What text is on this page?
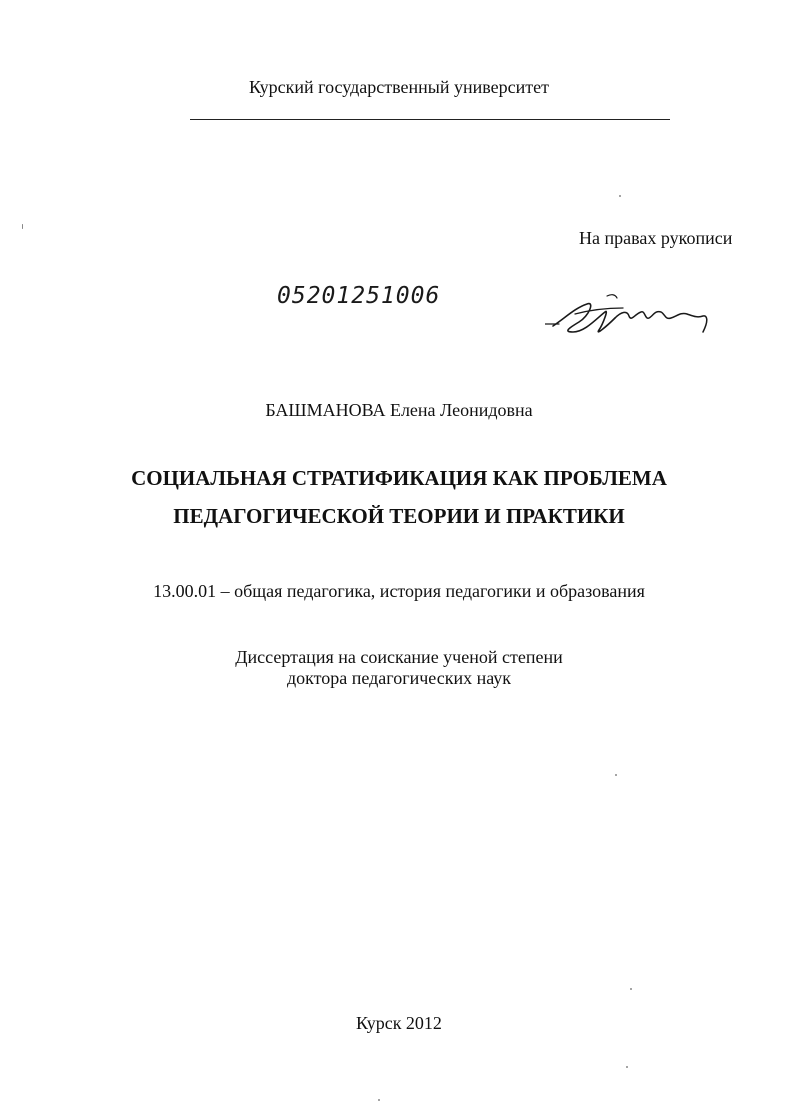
Курский государственный университет
На правах рукописи
05201251006
БАШМАНОВА Елена Леонидовна
СОЦИАЛЬНАЯ СТРАТИФИКАЦИЯ КАК ПРОБЛЕМА
ПЕДАГОГИЧЕСКОЙ ТЕОРИИ И ПРАКТИКИ
13.00.01 – общая педагогика, история педагогики и образования
Диссертация на соискание ученой степени
доктора педагогических наук
Курск 2012
